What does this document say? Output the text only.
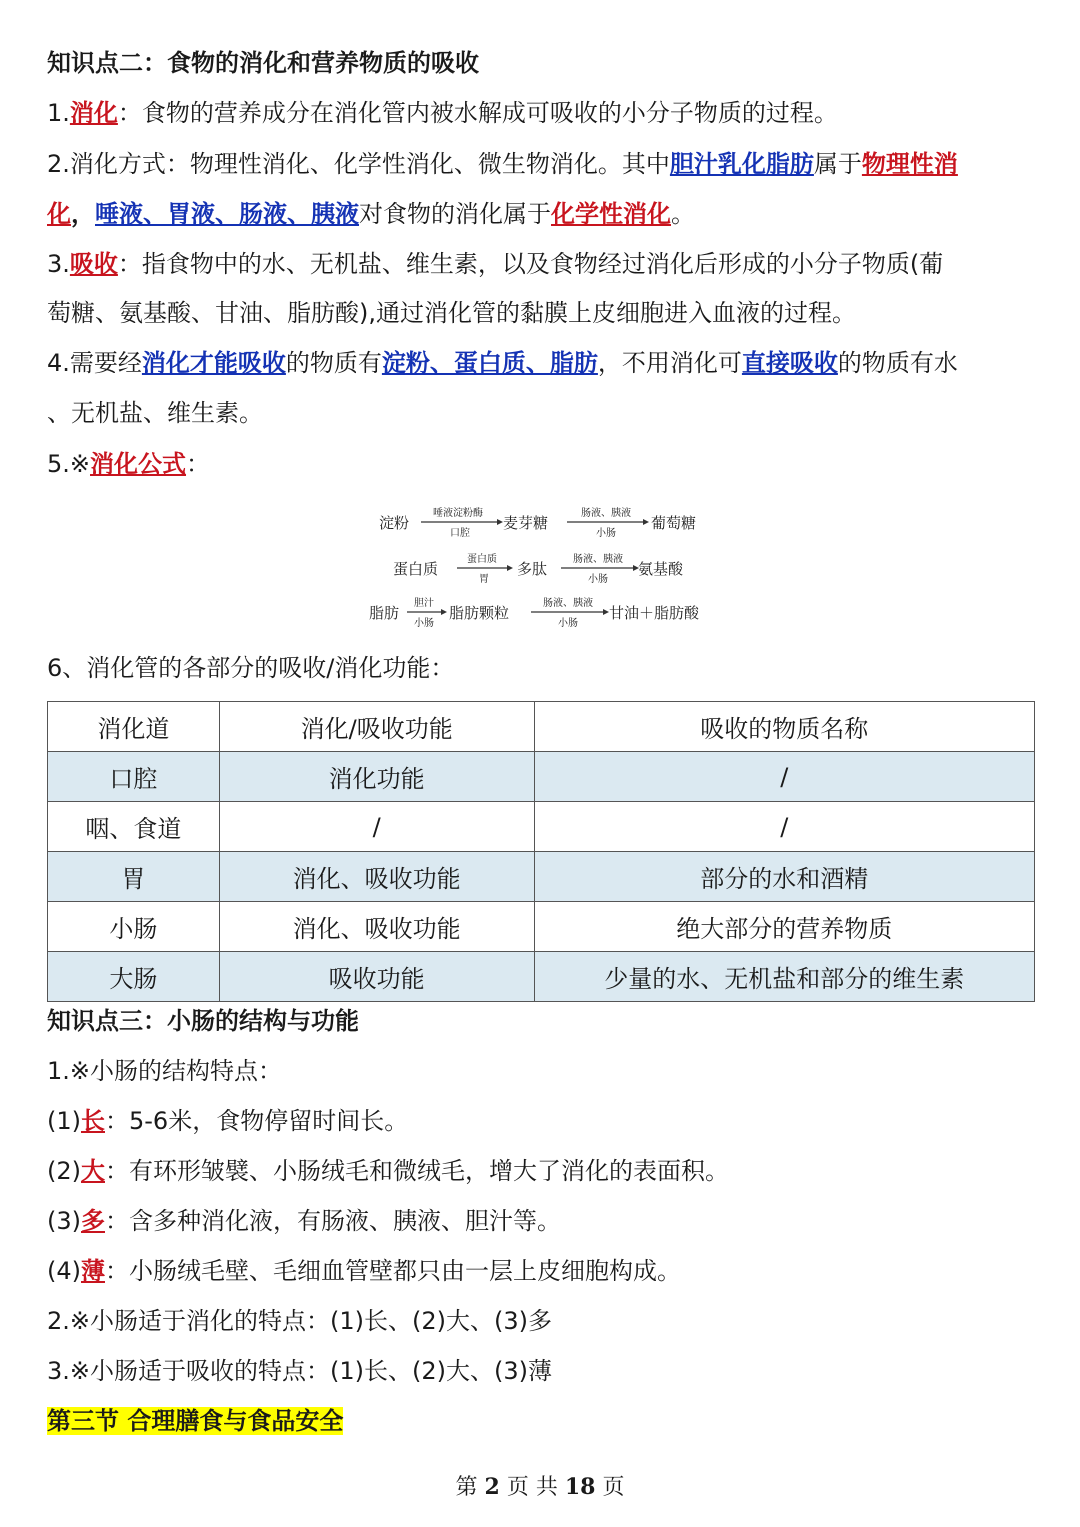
知识点二：食物的消化和营养物质的吸收
1.消化：食物的营养成分在消化管内被水解成可吸收的小分子物质的过程。
2.消化方式：物理性消化、化学性消化、微生物消化。其中胆汁乳化脂肪属于物理性消
化，唾液、胃液、肠液、胰液对食物的消化属于化学性消化。
3.吸收：指食物中的水、无机盐、维生素，以及食物经过消化后形成的小分子物质(葡
萄糖、氨基酸、甘油、脂肪酸),通过消化管的黏膜上皮细胞进入血液的过程。
4.需要经消化才能吸收的物质有淀粉、蛋白质、脂肪，不用消化可直接吸收的物质有水
、无机盐、维生素。
5.※消化公式：
淀粉
唾液淀粉酶
口腔
麦芽糖
肠液、胰液
小肠
葡萄糖
蛋白质
蛋白质
胃
多肽
肠液、胰液
小肠
氨基酸
脂肪
胆汁
小肠
脂肪颗粒
肠液、胰液
小肠
甘油＋脂肪酸
6、消化管的各部分的吸收/消化功能：
消化道	消化/吸收功能	吸收的物质名称
口腔	消化功能	/
咽、食道	/	/
胃	消化、吸收功能	部分的水和酒精
小肠	消化、吸收功能	绝大部分的营养物质
大肠	吸收功能	少量的水、无机盐和部分的维生素
知识点三：小肠的结构与功能
1.※小肠的结构特点：
(1)长：5-6米，食物停留时间长。
(2)大：有环形皱襞、小肠绒毛和微绒毛，增大了消化的表面积。
(3)多：含多种消化液，有肠液、胰液、胆汁等。
(4)薄：小肠绒毛壁、毛细血管壁都只由一层上皮细胞构成。
2.※小肠适于消化的特点：(1)长、(2)大、(3)多
3.※小肠适于吸收的特点：(1)长、(2)大、(3)薄
第三节 合理膳食与食品安全
第 2 页 共 18 页
